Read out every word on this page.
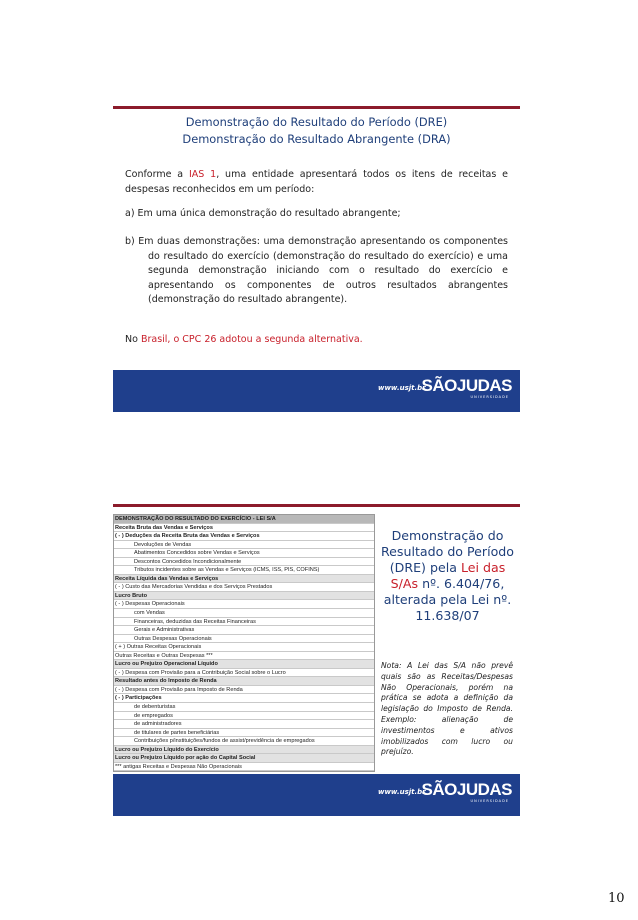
Demonstração do Resultado do Período (DRE)
Demonstração do Resultado Abrangente (DRA)
Conforme a IAS 1, uma entidade apresentará todos os itens de receitas e despesas reconhecidos em um período:
a) Em uma única demonstração do resultado abrangente;
b) Em duas demonstrações: uma demonstração apresentando os componentes do resultado do exercício (demonstração do resultado do exercício) e uma segunda demonstração iniciando com o resultado do exercício e apresentando os componentes de outros resultados abrangentes (demonstração do resultado abrangente).
No Brasil, o CPC 26 adotou a segunda alternativa.
www.usjt.br
SÃOJUDAS
UNIVERSIDADE
DEMONSTRAÇÃO DO RESULTADO DO EXERCÍCIO - LEI S/A
Receita Bruta das Vendas e Serviços
( - ) Deduções da Receita Bruta das Vendas e Serviços
Devoluções de Vendas
Abatimentos Concedidos sobre Vendas e Serviços
Descontos Concedidos Incondicionalmente
Tributos incidentes sobre as Vendas e Serviços (ICMS, ISS, PIS, COFINS)
Receita Líquida das Vendas e Serviços
( - ) Custo das Mercadorias Vendidas e dos Serviços Prestados
Lucro Bruto
( - ) Despesas Operacionais
com Vendas
Financeiras, deduzidas das Receitas Financeiras
Gerais e Administrativas
Outras Despesas Operacionais
( + ) Outras Receitas Operacionais
Outras Receitas e Outras Despesas ***
Lucro ou Prejuízo Operacional Líquido
( - ) Despesa com Provisão para a Contribuição Social sobre o Lucro
Resultado antes do Imposto de Renda
( - ) Despesa com Provisão para Imposto de Renda
( - ) Participações
de debenturistas
de empregados
de administradores
de titulares de partes beneficiárias
Contribuições p/instituições/fundos de assist/previdência de empregados
Lucro ou Prejuízo Líquido do Exercício
Lucro ou Prejuízo Líquido por ação do Capital Social
*** antigas Receitas e Despesas Não Operacionais
Demonstração do Resultado do Período (DRE) pela Lei das S/As nº. 6.404/76, alterada pela Lei nº. 11.638/07
Nota: A Lei das S/A não prevê quais são as Receitas/Despesas Não Operacionais, porém na prática se adota a definição da legislação do Imposto de Renda. Exemplo: alienação de investimentos e ativos imobilizados com lucro ou prejuízo.
www.usjt.br
SÃOJUDAS
UNIVERSIDADE
10
